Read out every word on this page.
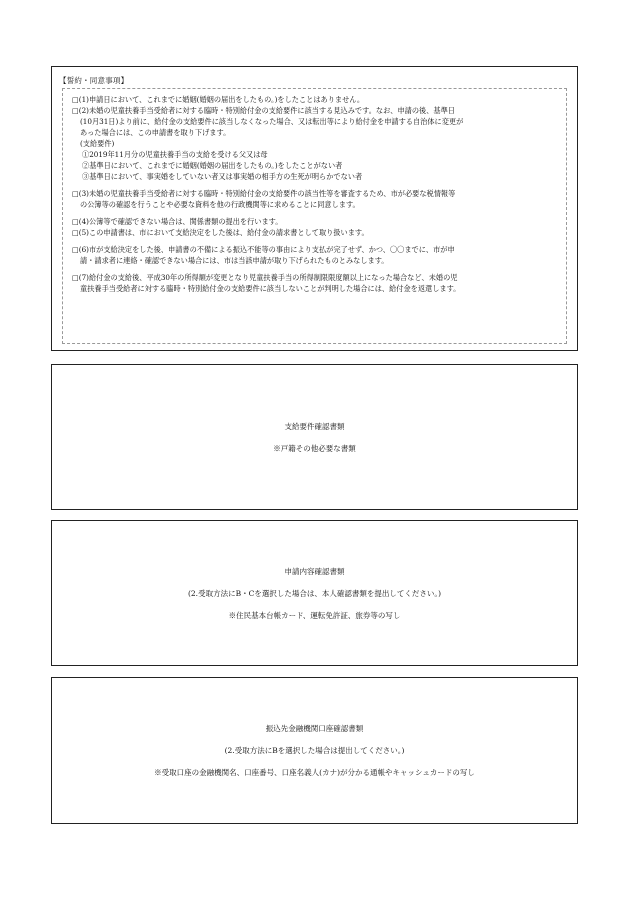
【誓約・同意事項】
□(1)申請日において、これまでに婚姻(婚姻の届出をしたもの。)をしたことはありません。
□(2)未婚の児童扶養手当受給者に対する臨時・特別給付金の支給要件に該当する見込みです。なお、申請の後、基準日
(10月31日)より前に、給付金の支給要件に該当しなくなった場合、又は転出等により給付金を申請する自治体に変更が
あった場合には、この申請書を取り下げます。
(支給要件)
①2019年11月分の児童扶養手当の支給を受ける父又は母
②基準日において、これまでに婚姻(婚姻の届出をしたもの。)をしたことがない者
③基準日において、事実婚をしていない者又は事実婚の相手方の生死が明らかでない者
□(3)未婚の児童扶養手当受給者に対する臨時・特別給付金の支給要件の該当性等を審査するため、市が必要な税情報等
の公簿等の確認を行うことや必要な資料を他の行政機関等に求めることに同意します。
□(4)公簿等で確認できない場合は、関係書類の提出を行います。
□(5)この申請書は、市において支給決定をした後は、給付金の請求書として取り扱います。
□(6)市が支給決定をした後、申請書の不備による振込不能等の事由により支払が完了せず、かつ、〇〇までに、市が申
請・請求者に連絡・確認できない場合には、市は当該申請が取り下げられたものとみなします。
□(7)給付金の支給後、平成30年の所得額が変更となり児童扶養手当の所得制限限度額以上になった場合など、未婚の児
童扶養手当受給者に対する臨時・特別給付金の支給要件に該当しないことが判明した場合には、給付金を返還します。
支給要件確認書類
※戸籍その他必要な書類
申請内容確認書類
(2.受取方法にB・Cを選択した場合は、本人確認書類を提出してください。)
※住民基本台帳カード、運転免許証、旅券等の写し
振込先金融機関口座確認書類
(2.受取方法にBを選択した場合は提出してください。)
※受取口座の金融機関名、口座番号、口座名義人(カナ)が分かる通帳やキャッシュカードの写し
